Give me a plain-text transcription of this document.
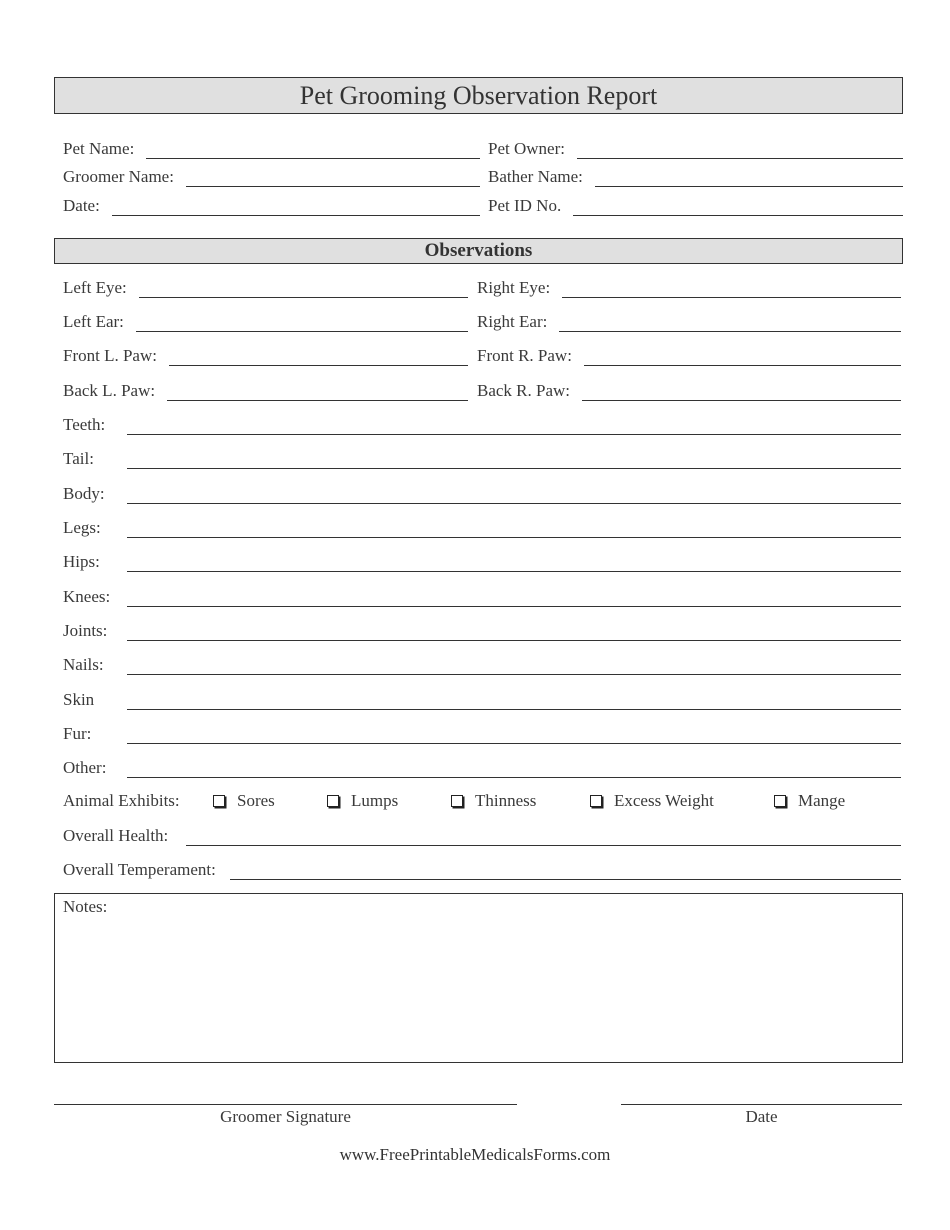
Pet Grooming Observation Report
Pet Name:	Pet Owner:
Groomer Name:	Bather Name:
Date:	Pet ID No.
Observations
Left Eye:	Right Eye:
Left Ear:	Right Ear:
Front L. Paw:	Front R. Paw:
Back L. Paw:	Back R. Paw:
Teeth:
Tail:
Body:
Legs:
Hips:
Knees:
Joints:
Nails:
Skin
Fur:
Other:
Animal Exhibits:	Sores	Lumps	Thinness	Excess Weight	Mange
Overall Health:
Overall Temperament:
Notes:
Groomer Signature	Date
www.FreePrintableMedicalsForms.com
